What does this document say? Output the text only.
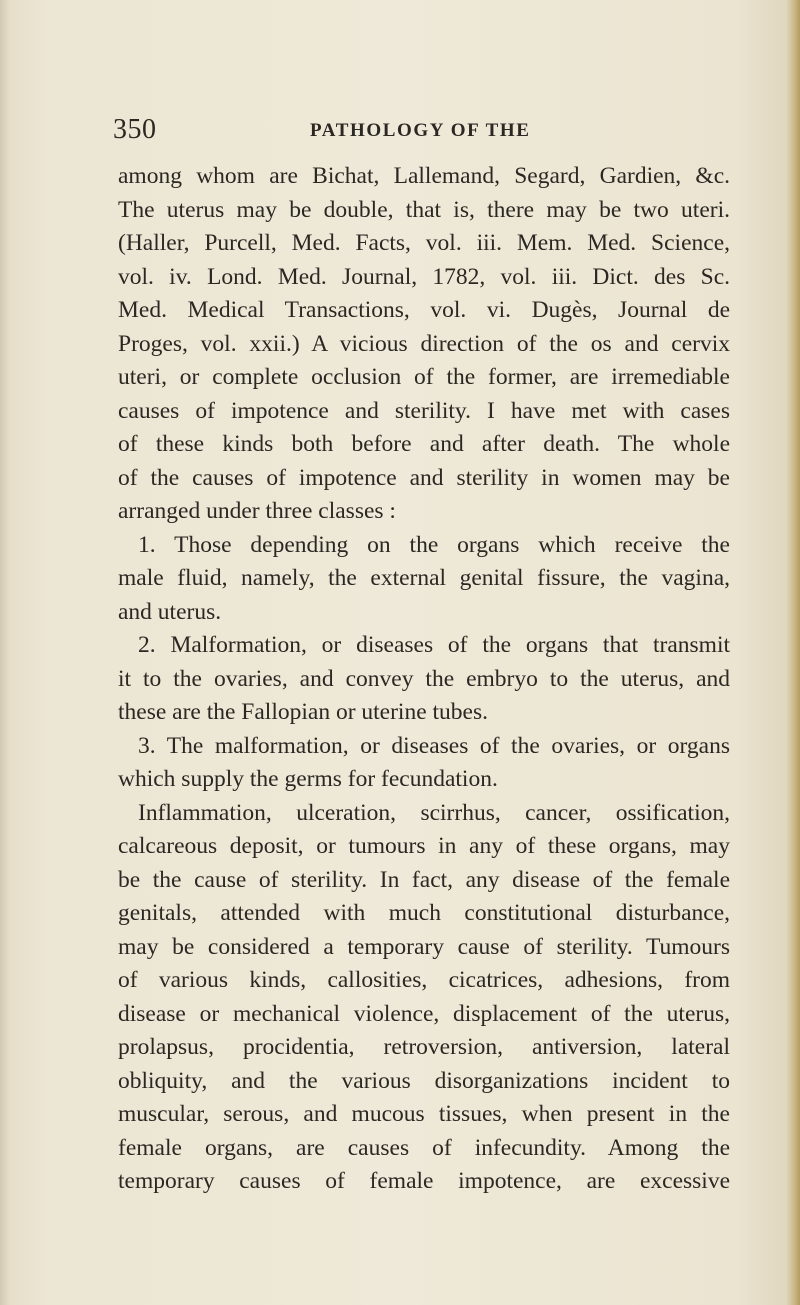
350	PATHOLOGY OF THE
among whom are Bichat, Lallemand, Segard, Gardien, &c.
The uterus may be double, that is, there may be two uteri.
(Haller, Purcell, Med. Facts, vol. iii. Mem. Med. Science,
vol. iv. Lond. Med. Journal, 1782, vol. iii. Dict. des Sc.
Med. Medical Transactions, vol. vi. Dugès, Journal de
Proges, vol. xxii.) A vicious direction of the os and cervix
uteri, or complete occlusion of the former, are irremediable
causes of impotence and sterility. I have met with cases
of these kinds both before and after death. The whole
of the causes of impotence and sterility in women may be
arranged under three classes :
1. Those depending on the organs which receive the
male fluid, namely, the external genital fissure, the vagina,
and uterus.
2. Malformation, or diseases of the organs that transmit
it to the ovaries, and convey the embryo to the uterus, and
these are the Fallopian or uterine tubes.
3. The malformation, or diseases of the ovaries, or organs
which supply the germs for fecundation.
Inflammation, ulceration, scirrhus, cancer, ossification,
calcareous deposit, or tumours in any of these organs, may
be the cause of sterility. In fact, any disease of the female
genitals, attended with much constitutional disturbance,
may be considered a temporary cause of sterility. Tumours
of various kinds, callosities, cicatrices, adhesions, from
disease or mechanical violence, displacement of the uterus,
prolapsus, procidentia, retroversion, antiversion, lateral
obliquity, and the various disorganizations incident to
muscular, serous, and mucous tissues, when present in the
female organs, are causes of infecundity. Among the
temporary causes of female impotence, are excessive
